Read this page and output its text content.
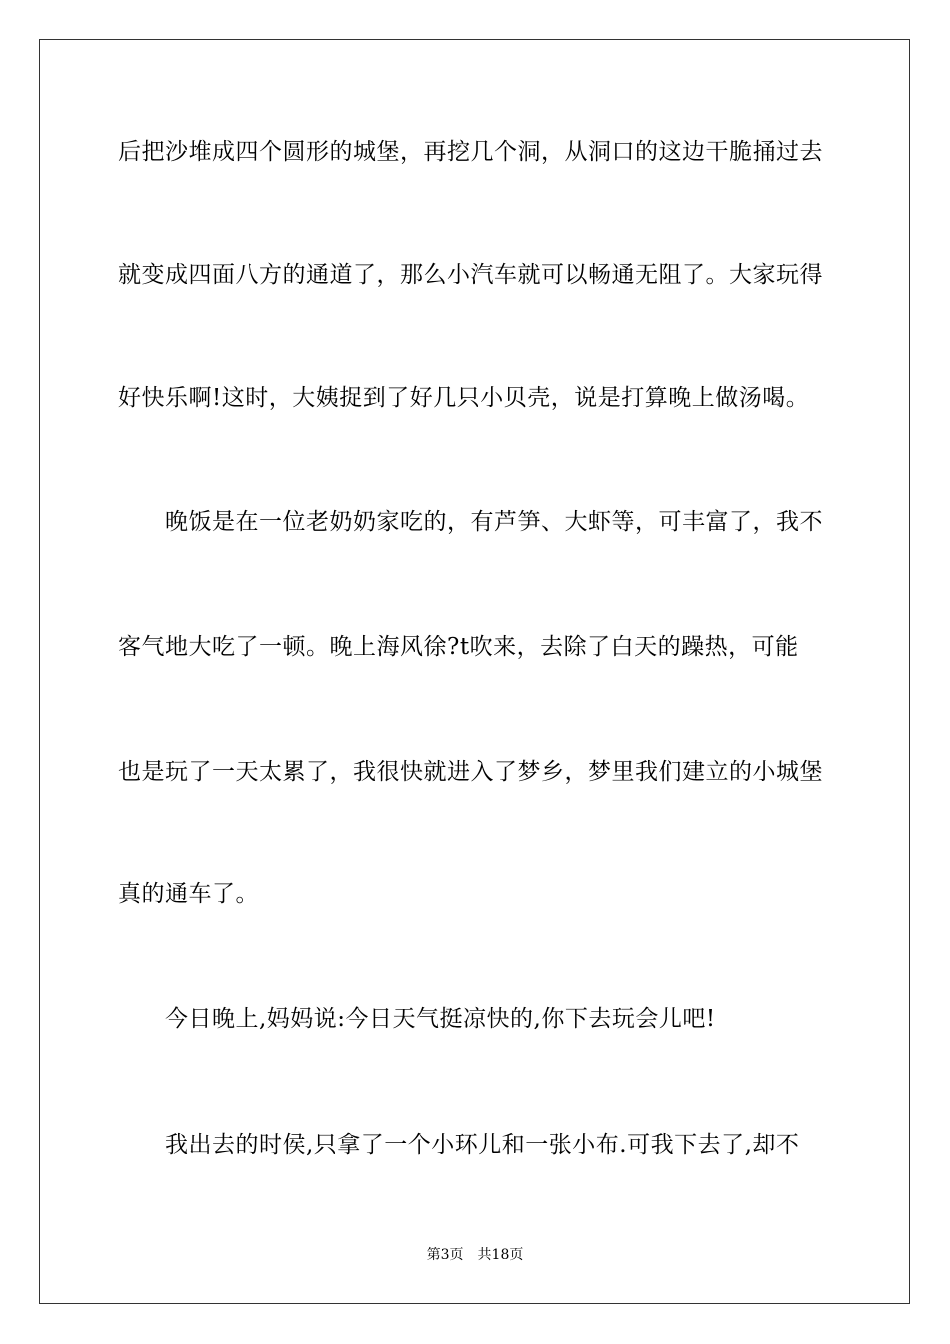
后把沙堆成四个圆形的城堡，再挖几个洞，从洞口的这边干脆捅过去
就变成四面八方的通道了，那么小汽车就可以畅通无阻了。大家玩得
好快乐啊!这时，大姨捉到了好几只小贝壳，说是打算晚上做汤喝。
晚饭是在一位老奶奶家吃的，有芦笋、大虾等，可丰富了，我不
客气地大吃了一顿。晚上海风徐?t吹来，去除了白天的躁热，可能
也是玩了一天太累了，我很快就进入了梦乡，梦里我们建立的小城堡
真的通车了。
今日晚上,妈妈说:今日天气挺凉快的,你下去玩会儿吧!
我出去的时侯,只拿了一个小环儿和一张小布.可我下去了,却不
第3页 共18页
